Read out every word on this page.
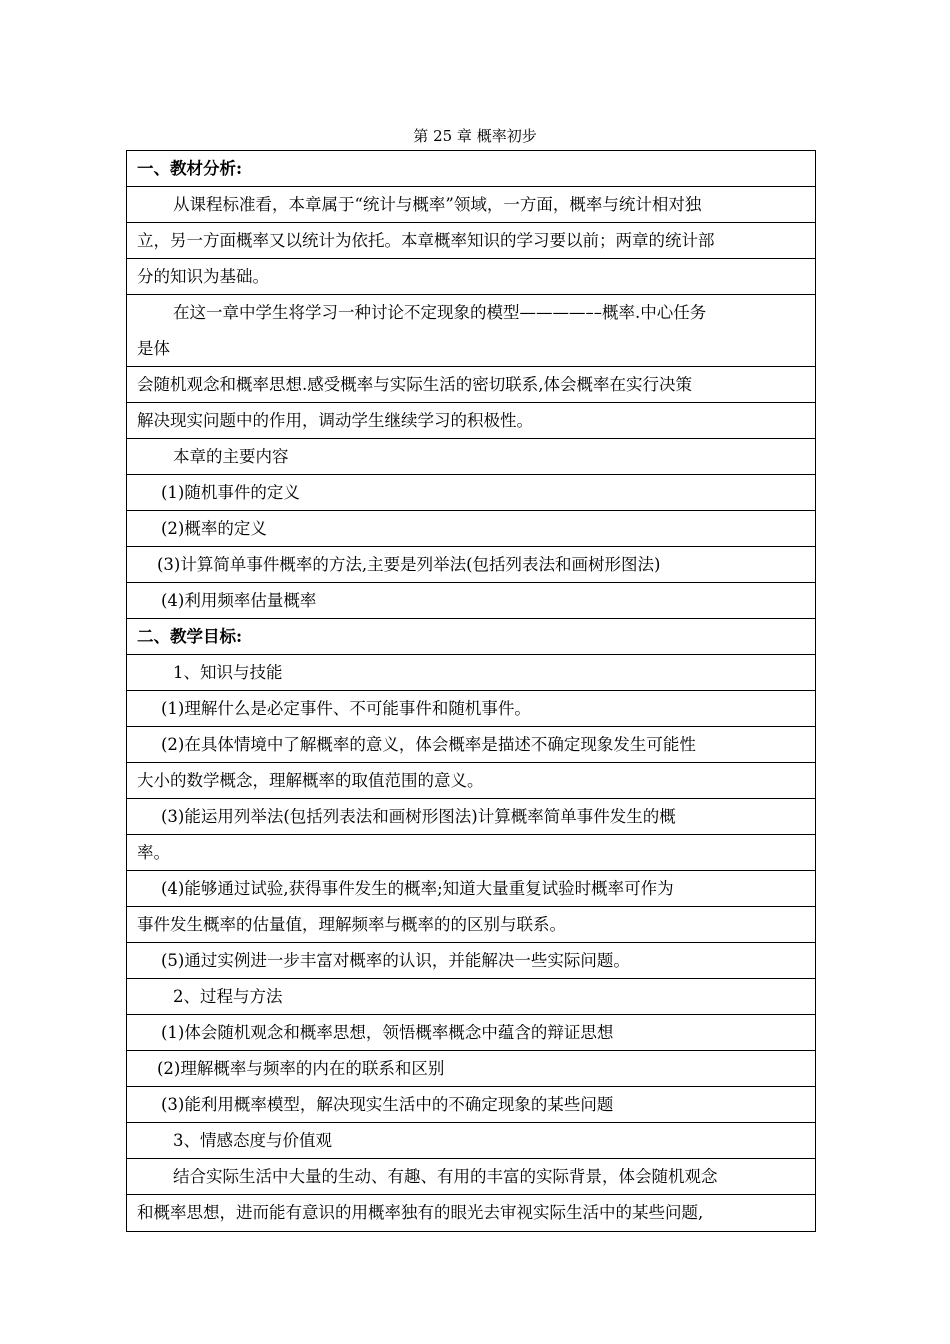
第 25 章 概率初步
一、教材分析:
从课程标准看，本章属于“统计与概率”领域，一方面，概率与统计相对独
立，另一方面概率又以统计为依托。本章概率知识的学习要以前；两章的统计部
分的知识为基础。
在这一章中学生将学习一种讨论不定现象的模型————––概率.中心任务
是体
会随机观念和概率思想.感受概率与实际生活的密切联系,体会概率在实行决策
解决现实问题中的作用，调动学生继续学习的积极性。
本章的主要内容
(1)随机事件的定义
(2)概率的定义
(3)计算简单事件概率的方法,主要是列举法(包括列表法和画树形图法)
(4)利用频率估量概率
二、教学目标:
1、知识与技能
(1)理解什么是必定事件、不可能事件和随机事件。
(2)在具体情境中了解概率的意义，体会概率是描述不确定现象发生可能性
大小的数学概念，理解概率的取值范围的意义。
(3)能运用列举法(包括列表法和画树形图法)计算概率简单事件发生的概
率。
(4)能够通过试验,获得事件发生的概率;知道大量重复试验时概率可作为
事件发生概率的估量值，理解频率与概率的的区别与联系。
(5)通过实例进一步丰富对概率的认识，并能解决一些实际问题。
2、过程与方法
(1)体会随机观念和概率思想，领悟概率概念中蕴含的辩证思想
(2)理解概率与频率的内在的联系和区别
(3)能利用概率模型，解决现实生活中的不确定现象的某些问题
3、情感态度与价值观
结合实际生活中大量的生动、有趣、有用的丰富的实际背景，体会随机观念
和概率思想，进而能有意识的用概率独有的眼光去审视实际生活中的某些问题,
